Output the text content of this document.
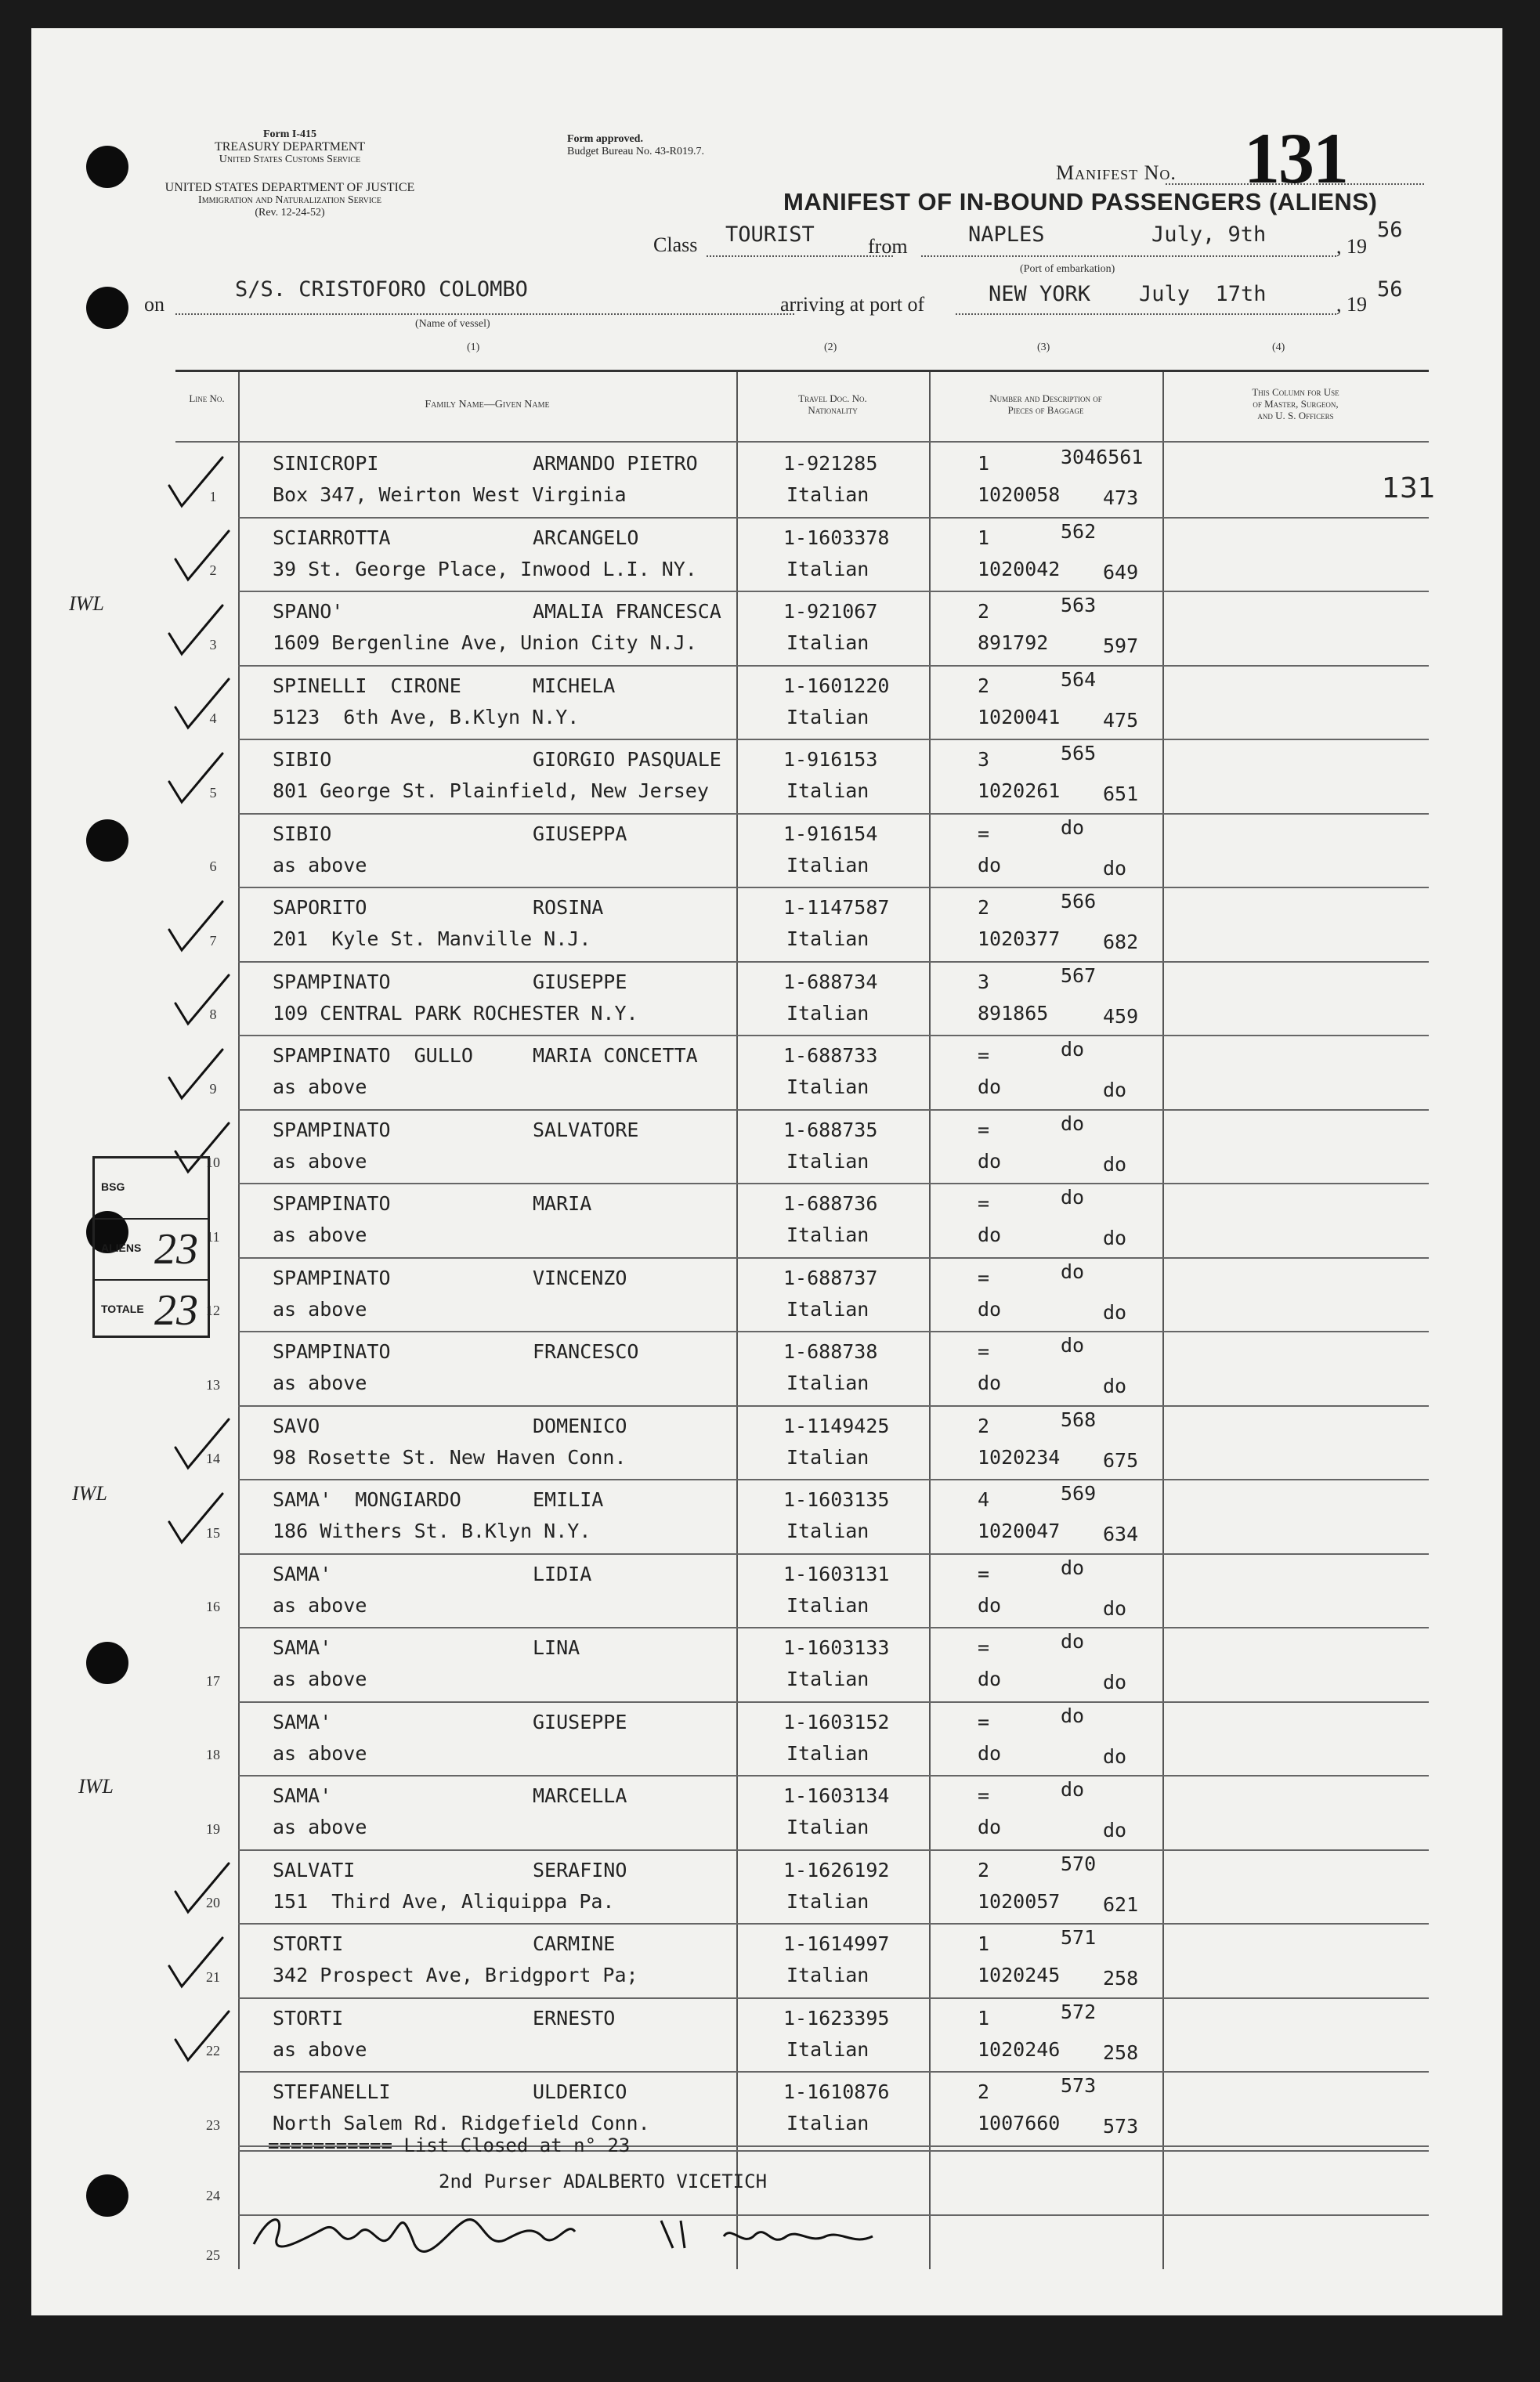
Form I-415
TREASURY DEPARTMENT
United States Customs Service
UNITED STATES DEPARTMENT OF JUSTICE
Immigration and Naturalization Service
(Rev. 12-24-52)
Form approved.
Budget Bureau No. 43-R019.7.
Manifest No. 131
MANIFEST OF IN-BOUND PASSENGERS (ALIENS)
Class TOURIST	from	NAPLES	July, 9th	, 19
56
(Port of embarkation)
on
S/S. CRISTOFORO COLOMBO
(Name of vessel)
arriving at port of	NEW YORK July  17th	, 19
56
(1)	(2)	(3)	(4)
Line No.
Family Name—Given Name
Travel Doc. No.
Nationality
Number and Description of
Pieces of Baggage
This Column for Use
of Master, Surgeon,
and U. S. Officers
131
1
SINICROPI	ARMANDO PIETRO
Box 347, Weirton West Virginia
1-921285
Italian
1	3046561
1020058 473
2
SCIARROTTA	ARCANGELO
39 St. George Place, Inwood L.I. NY.
1-1603378
Italian
1	562
1020042 649
3
SPANO'	AMALIA FRANCESCA
1609 Bergenline Ave, Union City N.J.
1-921067
Italian
2	563
891792	597
4
SPINELLI  CIRONE	MICHELA
5123  6th Ave, B.Klyn N.Y.
1-1601220
Italian
2	564
1020041 475
5
SIBIO	GIORGIO PASQUALE
801 George St. Plainfield, New Jersey
1-916153
Italian
3	565
1020261 651
6
SIBIO	GIUSEPPA
as above
1-916154
Italian
=	do
do	do
7
SAPORITO	ROSINA
201  Kyle St. Manville N.J.
1-1147587
Italian
2	566
1020377 682
8
SPAMPINATO	GIUSEPPE
109 CENTRAL PARK ROCHESTER N.Y.
1-688734
Italian
3	567
891865	459
9
SPAMPINATO  GULLO	MARIA CONCETTA
as above
1-688733
Italian
=	do
do	do
10
SPAMPINATO	SALVATORE
as above
1-688735
Italian
=	do
do	do
11
SPAMPINATO	MARIA
as above
1-688736
Italian
=	do
do	do
12
SPAMPINATO	VINCENZO
as above
1-688737
Italian
=	do
do	do
13
SPAMPINATO	FRANCESCO
as above
1-688738
Italian
=	do
do	do
14
SAVO	DOMENICO
98 Rosette St. New Haven Conn.
1-1149425
Italian
2	568
1020234 675
15
SAMA'  MONGIARDO	EMILIA
186 Withers St. B.Klyn N.Y.
1-1603135
Italian
4	569
1020047 634
16
SAMA'	LIDIA
as above
1-1603131
Italian
=	do
do	do
17
SAMA'	LINA
as above
1-1603133
Italian
=	do
do	do
18
SAMA'	GIUSEPPE
as above
1-1603152
Italian
=	do
do	do
19
SAMA'	MARCELLA
as above
1-1603134
Italian
=	do
do	do
20
SALVATI	SERAFINO
151  Third Ave, Aliquippa Pa.
1-1626192
Italian
2	570
1020057 621
21
STORTI	CARMINE
342 Prospect Ave, Bridgport Pa;
1-1614997
Italian
1	571
1020245 258
22
STORTI	ERNESTO
as above
1-1623395
Italian
1	572
1020246 258
23
STEFANELLI	ULDERICO
North Salem Rd. Ridgefield Conn.
1-1610876
Italian
2	573
1007660 573
24
25
=========== List Closed at n° 23
2nd Purser ADALBERTO VICETICH
BSG
ALIENS 23
TOTALE 23
IWL
IWL
IWL
